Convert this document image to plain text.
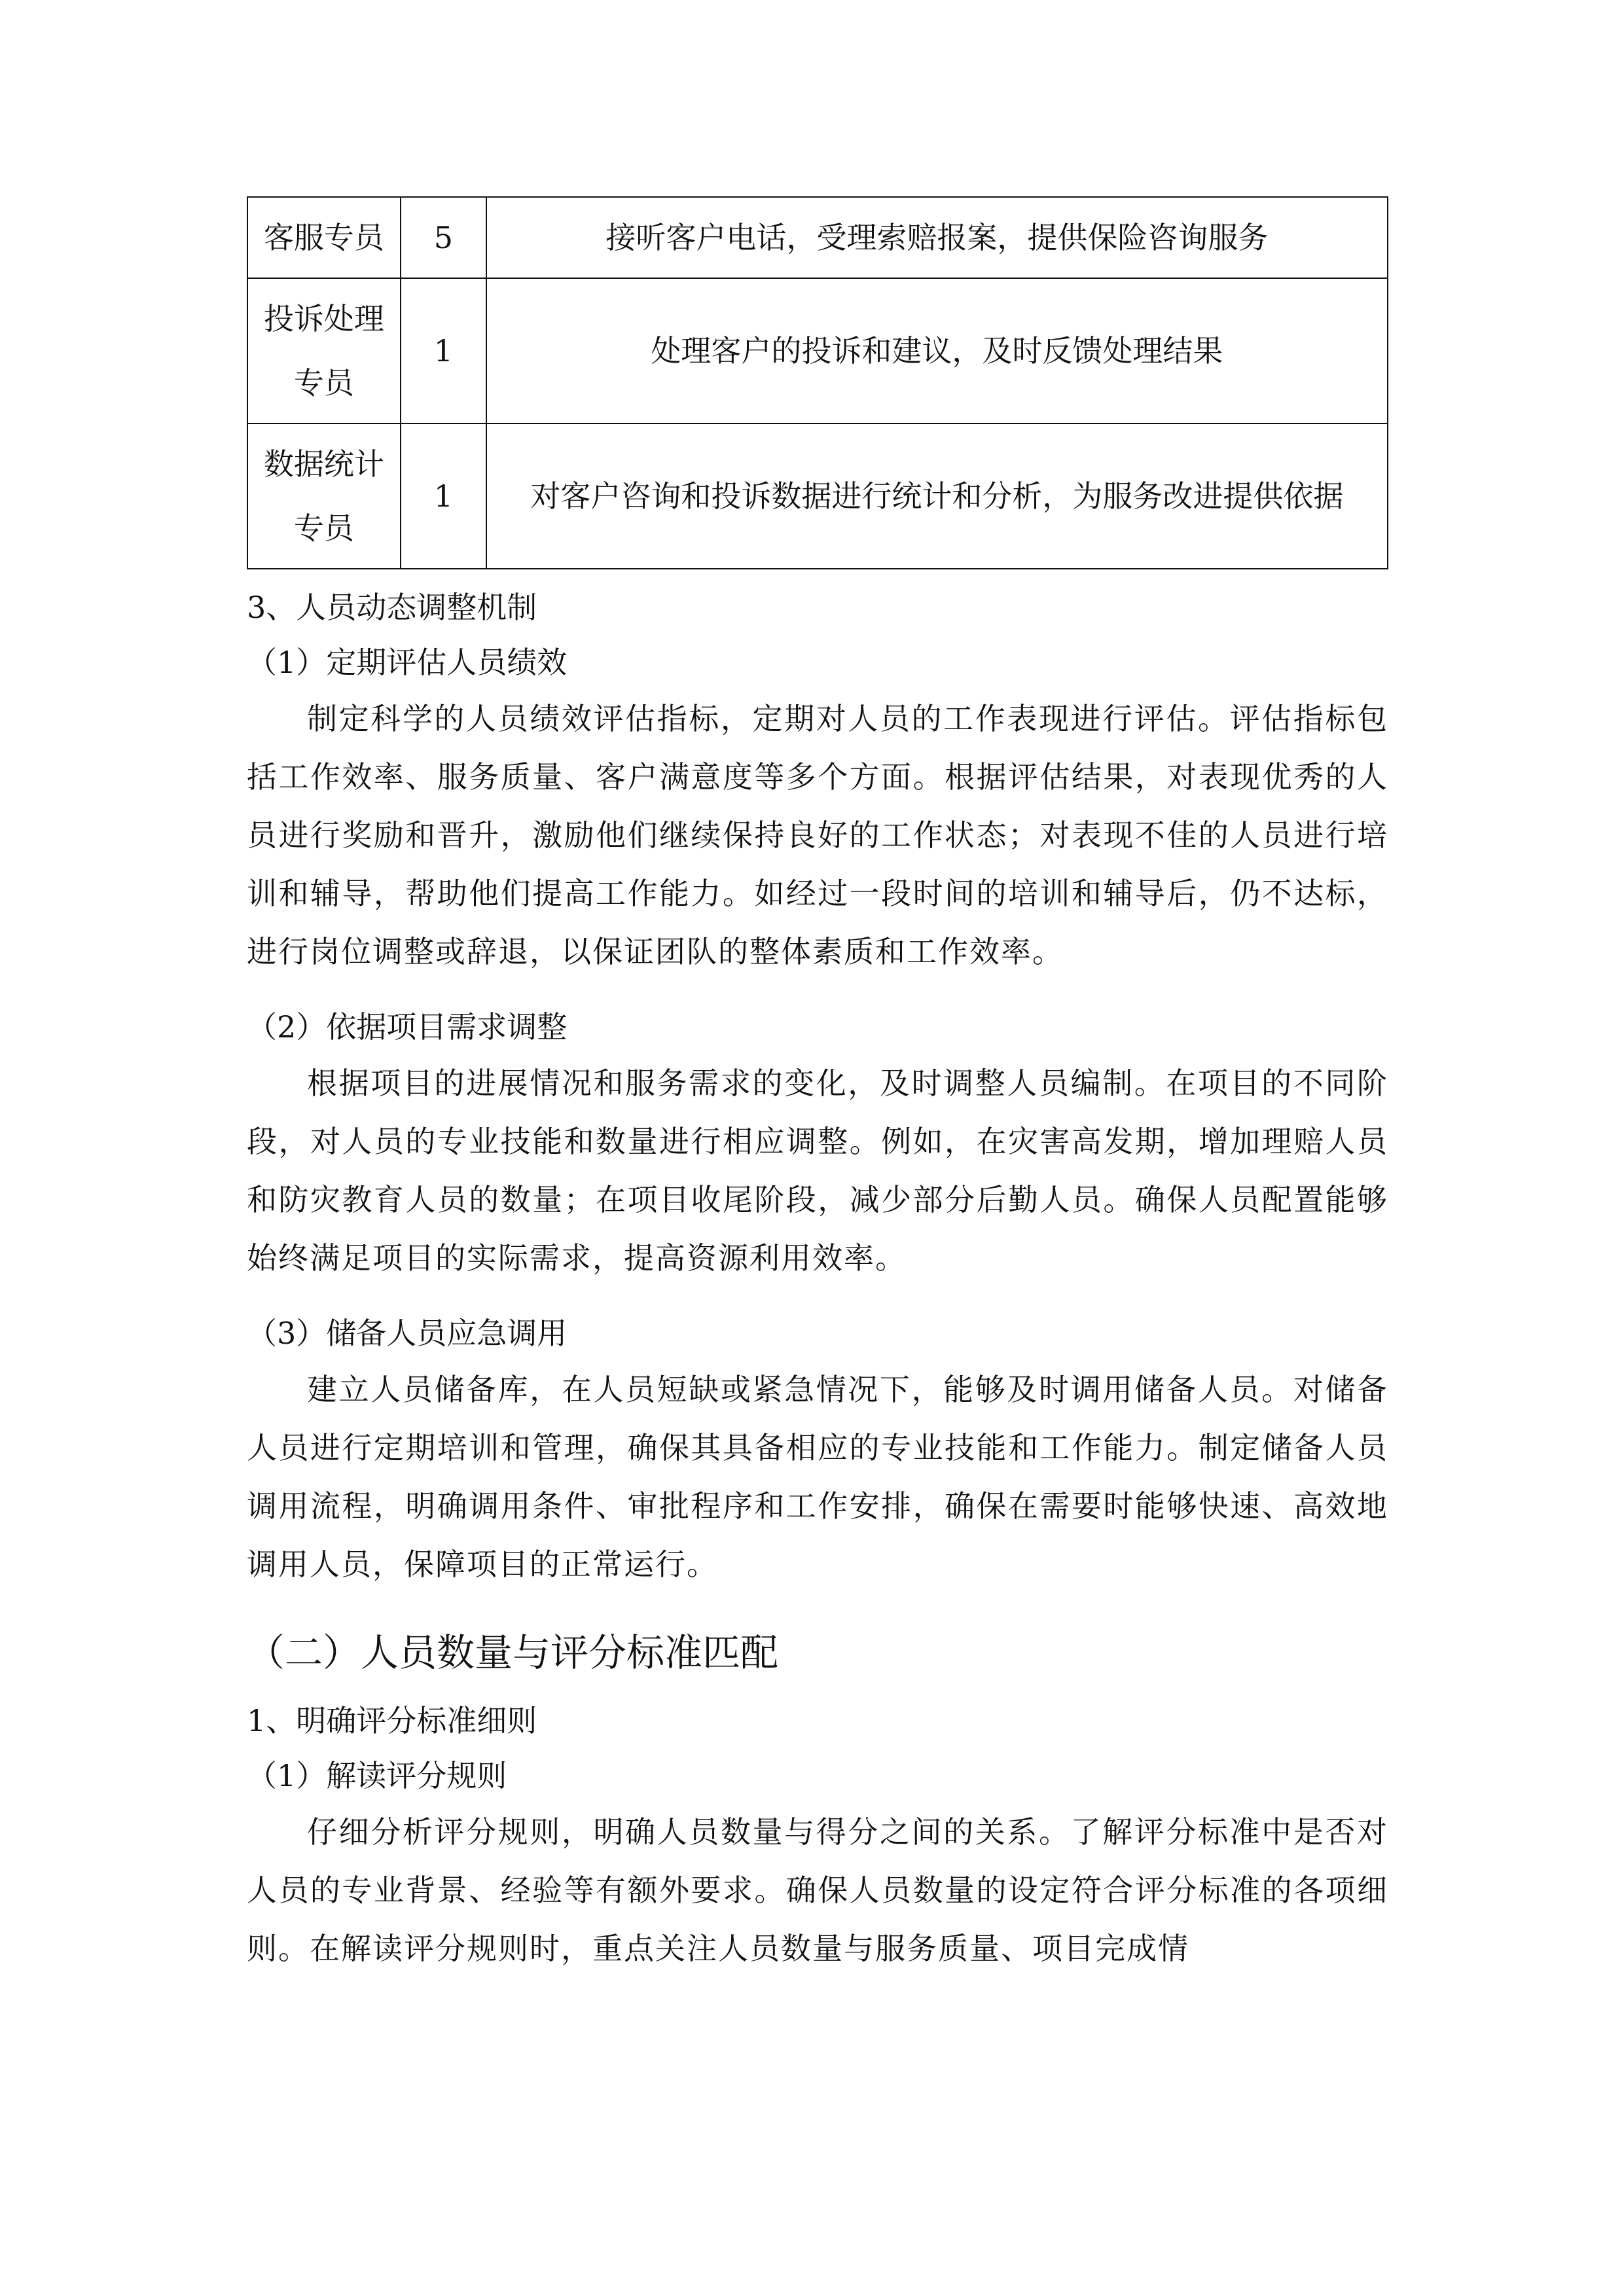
客服专员	5	接听客户电话，受理索赔报案，提供保险咨询服务
投诉处理专员	1	处理客户的投诉和建议，及时反馈处理结果
数据统计专员	1	对客户咨询和投诉数据进行统计和分析，为服务改进提供依据

3、人员动态调整机制

（1）定期评估人员绩效

制定科学的人员绩效评估指标，定期对人员的工作表现进行评估。评估指标包括工作效率、服务质量、客户满意度等多个方面。根据评估结果，对表现优秀的人员进行奖励和晋升，激励他们继续保持良好的工作状态；对表现不佳的人员进行培训和辅导，帮助他们提高工作能力。如经过一段时间的培训和辅导后，仍不达标，进行岗位调整或辞退，以保证团队的整体素质和工作效率。

（2）依据项目需求调整

根据项目的进展情况和服务需求的变化，及时调整人员编制。在项目的不同阶段，对人员的专业技能和数量进行相应调整。例如，在灾害高发期，增加理赔人员和防灾教育人员的数量；在项目收尾阶段，减少部分后勤人员。确保人员配置能够始终满足项目的实际需求，提高资源利用效率。

（3）储备人员应急调用

建立人员储备库，在人员短缺或紧急情况下，能够及时调用储备人员。对储备人员进行定期培训和管理，确保其具备相应的专业技能和工作能力。制定储备人员调用流程，明确调用条件、审批程序和工作安排，确保在需要时能够快速、高效地调用人员，保障项目的正常运行。

（二）人员数量与评分标准匹配

1、明确评分标准细则

（1）解读评分规则

仔细分析评分规则，明确人员数量与得分之间的关系。了解评分标准中是否对人员的专业背景、经验等有额外要求。确保人员数量的设定符合评分标准的各项细则。在解读评分规则时，重点关注人员数量与服务质量、项目完成情
